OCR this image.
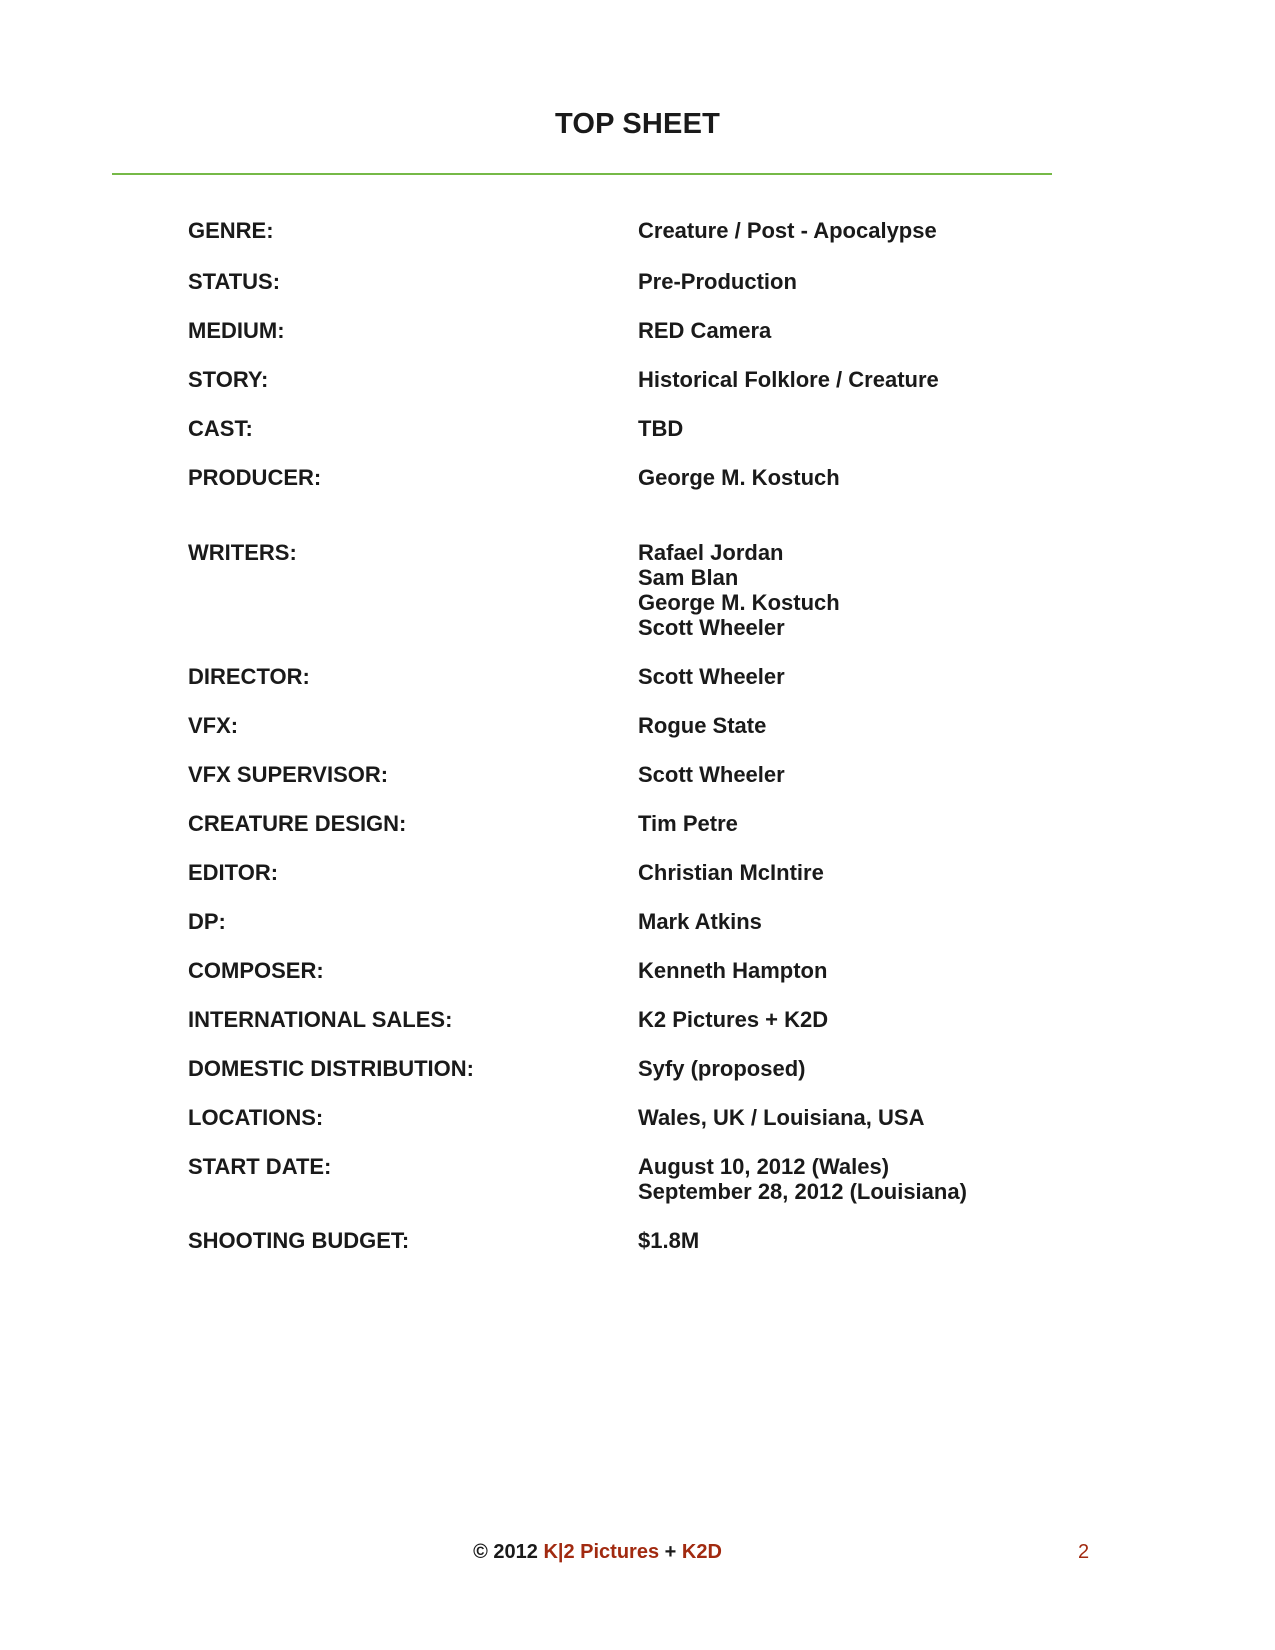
TOP SHEET
GENRE:	Creature / Post - Apocalypse
STATUS:	Pre-Production
MEDIUM:	RED Camera
STORY:	Historical Folklore / Creature
CAST:	TBD
PRODUCER:	George M. Kostuch
WRITERS:	Rafael Jordan
Sam Blan
George M. Kostuch
Scott Wheeler
DIRECTOR:	Scott Wheeler
VFX:	Rogue State
VFX SUPERVISOR:	Scott Wheeler
CREATURE DESIGN:	Tim Petre
EDITOR:	Christian McIntire
DP:	Mark Atkins
COMPOSER:	Kenneth Hampton
INTERNATIONAL SALES:	K2 Pictures + K2D
DOMESTIC DISTRIBUTION:	Syfy (proposed)
LOCATIONS:	Wales, UK / Louisiana, USA
START DATE:	August 10, 2012 (Wales)
September 28, 2012 (Louisiana)
SHOOTING BUDGET:	$1.8M
© 2012 K|2 Pictures + K2D	2
